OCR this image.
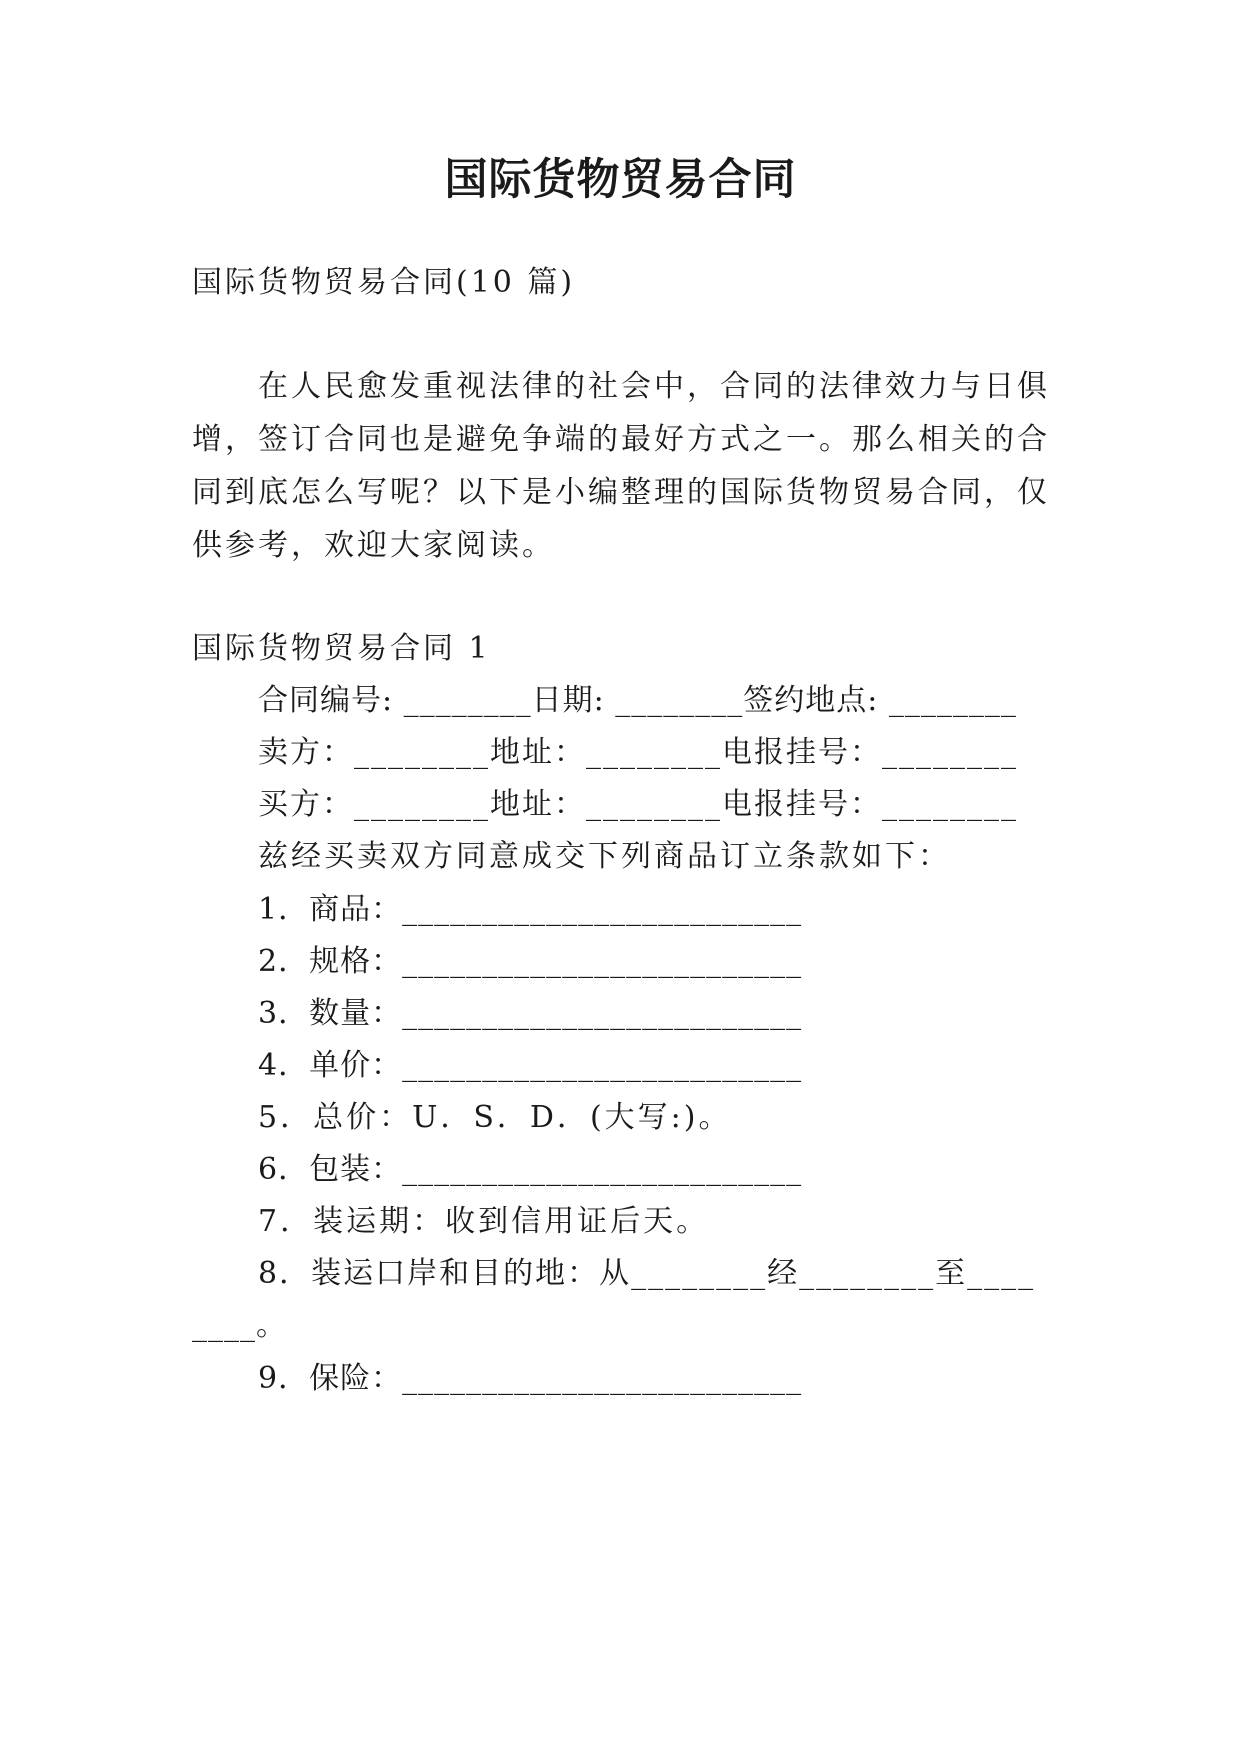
国际货物贸易合同
国际货物贸易合同(10 篇)
在人民愈发重视法律的社会中，合同的法律效力与日俱
增，签订合同也是避免争端的最好方式之一。那么相关的合
同到底怎么写呢？以下是小编整理的国际货物贸易合同，仅
供参考，欢迎大家阅读。
国际货物贸易合同 1
合同编号: ________日期: ________签约地点: ________
卖方：________地址：________电报挂号：________
买方：________地址：________电报挂号：________
兹经买卖双方同意成交下列商品订立条款如下：
1．商品：_________________________
2．规格：_________________________
3．数量：_________________________
4．单价：_________________________
5．总价：U．S．D．(大写:)。
6．包装：_________________________
7．装运期：收到信用证后天。
8．装运口岸和目的地：从________经________至____
____。
9．保险：_________________________
